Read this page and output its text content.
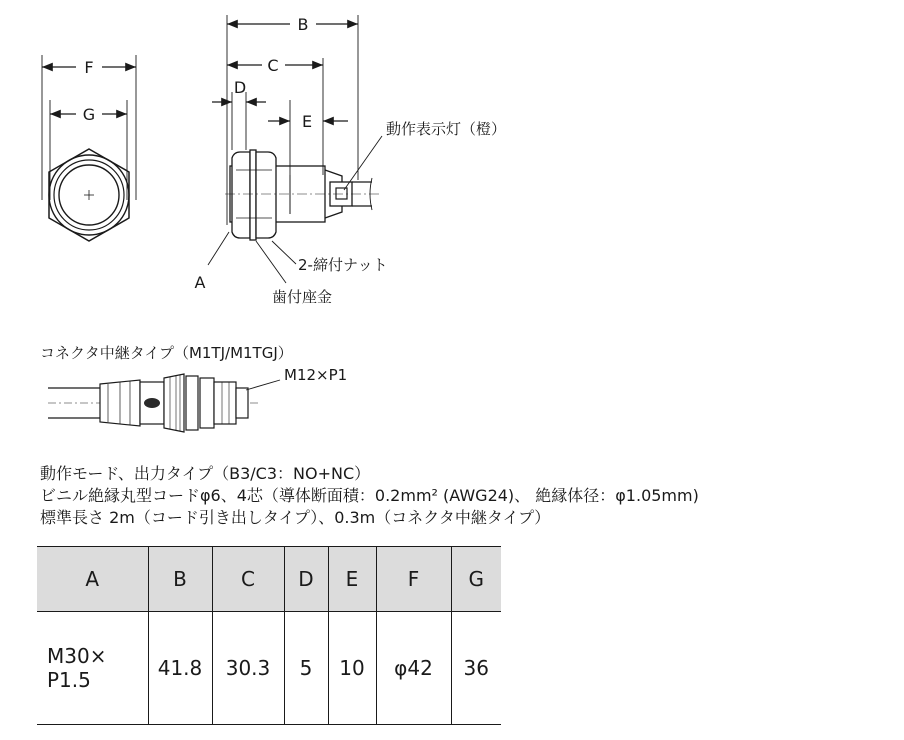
F
G
B
C
D
E
A
歯付座金
2-締付ナット
動作表示灯（橙）
コネクタ中継タイプ（M1TJ/M1TGJ）
M12×P1
動作モード、出力タイプ（B3/C3：NO+NC）
ビニル絶縁丸型コードφ6、4芯（導体断面積：0.2mm² (AWG24)、 絶縁体径：φ1.05mm)
標準長さ 2m（コード引き出しタイプ）、0.3m（コネクタ中継タイプ）
A	B	C	D	E	F	G
M30×
P1.5	41.8	30.3	5	10	φ42	36
